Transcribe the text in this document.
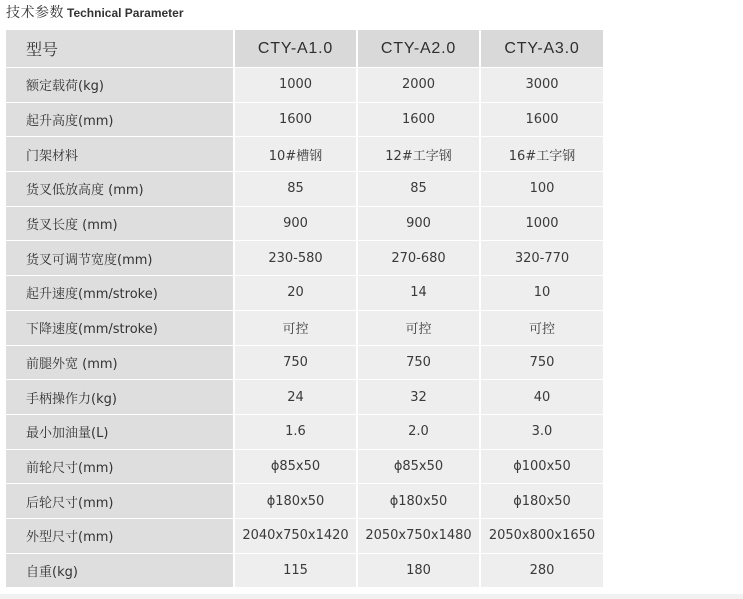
技术参数 Technical Parameter
型号	CTY-A1.0	CTY-A2.0	CTY-A3.0
额定载荷(kg)	1000	2000	3000
起升高度(mm)	1600	1600	1600
门架材料	10#槽钢	12#工字钢	16#工字钢
货叉低放高度 (mm)	85	85	100
货叉长度 (mm)	900	900	1000
货叉可调节宽度(mm)	230-580	270-680	320-770
起升速度(mm/stroke)	20	14	10
下降速度(mm/stroke)	可控	可控	可控
前腿外宽 (mm)	750	750	750
手柄操作力(kg)	24	32	40
最小加油量(L)	1.6	2.0	3.0
前轮尺寸(mm)	ϕ85x50	ϕ85x50	ϕ100x50
后轮尺寸(mm)	ϕ180x50	ϕ180x50	ϕ180x50
外型尺寸(mm)	2040x750x1420	2050x750x1480	2050x800x1650
自重(kg)	115	180	280
